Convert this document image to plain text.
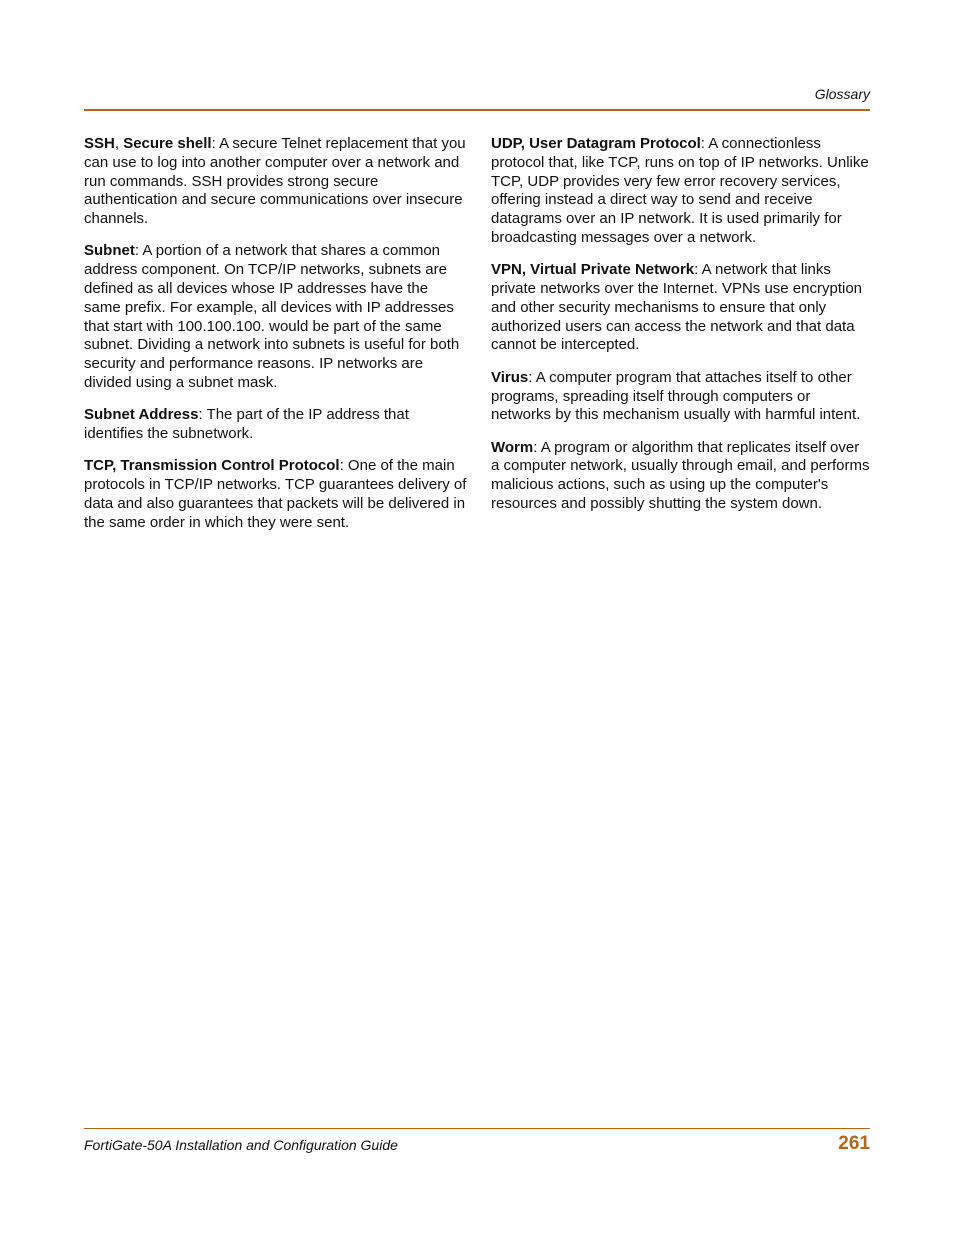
Glossary

SSH, Secure shell: A secure Telnet replacement that you can use to log into another computer over a network and run commands. SSH provides strong secure authentication and secure communications over insecure channels.

Subnet: A portion of a network that shares a common address component. On TCP/IP networks, subnets are defined as all devices whose IP addresses have the same prefix. For example, all devices with IP addresses that start with 100.100.100. would be part of the same subnet. Dividing a network into subnets is useful for both security and performance reasons. IP networks are divided using a subnet mask.

Subnet Address: The part of the IP address that identifies the subnetwork.

TCP, Transmission Control Protocol: One of the main protocols in TCP/IP networks. TCP guarantees delivery of data and also guarantees that packets will be delivered in the same order in which they were sent.

UDP, User Datagram Protocol: A connectionless protocol that, like TCP, runs on top of IP networks. Unlike TCP, UDP provides very few error recovery services, offering instead a direct way to send and receive datagrams over an IP network. It is used primarily for broadcasting messages over a network.

VPN, Virtual Private Network: A network that links private networks over the Internet. VPNs use encryption and other security mechanisms to ensure that only authorized users can access the network and that data cannot be intercepted.

Virus: A computer program that attaches itself to other programs, spreading itself through computers or networks by this mechanism usually with harmful intent.

Worm: A program or algorithm that replicates itself over a computer network, usually through email, and performs malicious actions, such as using up the computer's resources and possibly shutting the system down.

FortiGate-50A Installation and Configuration Guide	261
